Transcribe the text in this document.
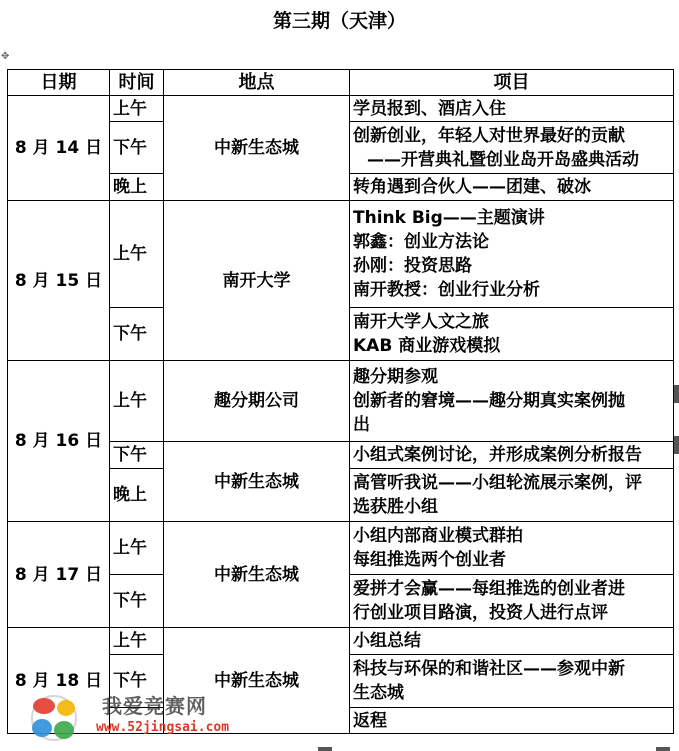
第三期（天津）
✥
日期	时间	地点	项目
8 月 14 日	上午	中新生态城	学员报到、酒店入住

	下午		创新创业，年轻人对世界最好的贡献
——开营典礼暨创业岛开岛盛典活动

	晚上		转角遇到合伙人——团建、破冰

8 月 15 日	上午	南开大学	Think Big——主题演讲
郭鑫：创业方法论
孙刚：投资思路
南开教授：创业行业分析

	下午		南开大学人文之旅
KAB 商业游戏模拟

8 月 16 日	上午	趣分期公司	趣分期参观
创新者的窘境——趣分期真实案例抛
出

	下午	中新生态城	小组式案例讨论，并形成案例分析报告

	晚上		高管听我说——小组轮流展示案例，评
选获胜小组

8 月 17 日	上午	中新生态城	小组内部商业模式群拍
每组推选两个创业者

	下午		爱拼才会赢——每组推选的创业者进
行创业项目路演，投资人进行点评

8 月 18 日	上午	中新生态城	小组总结

	下午		科技与环保的和谐社区——参观中新
生态城

			返程
我爱竞赛网
www.52jingsai.com
